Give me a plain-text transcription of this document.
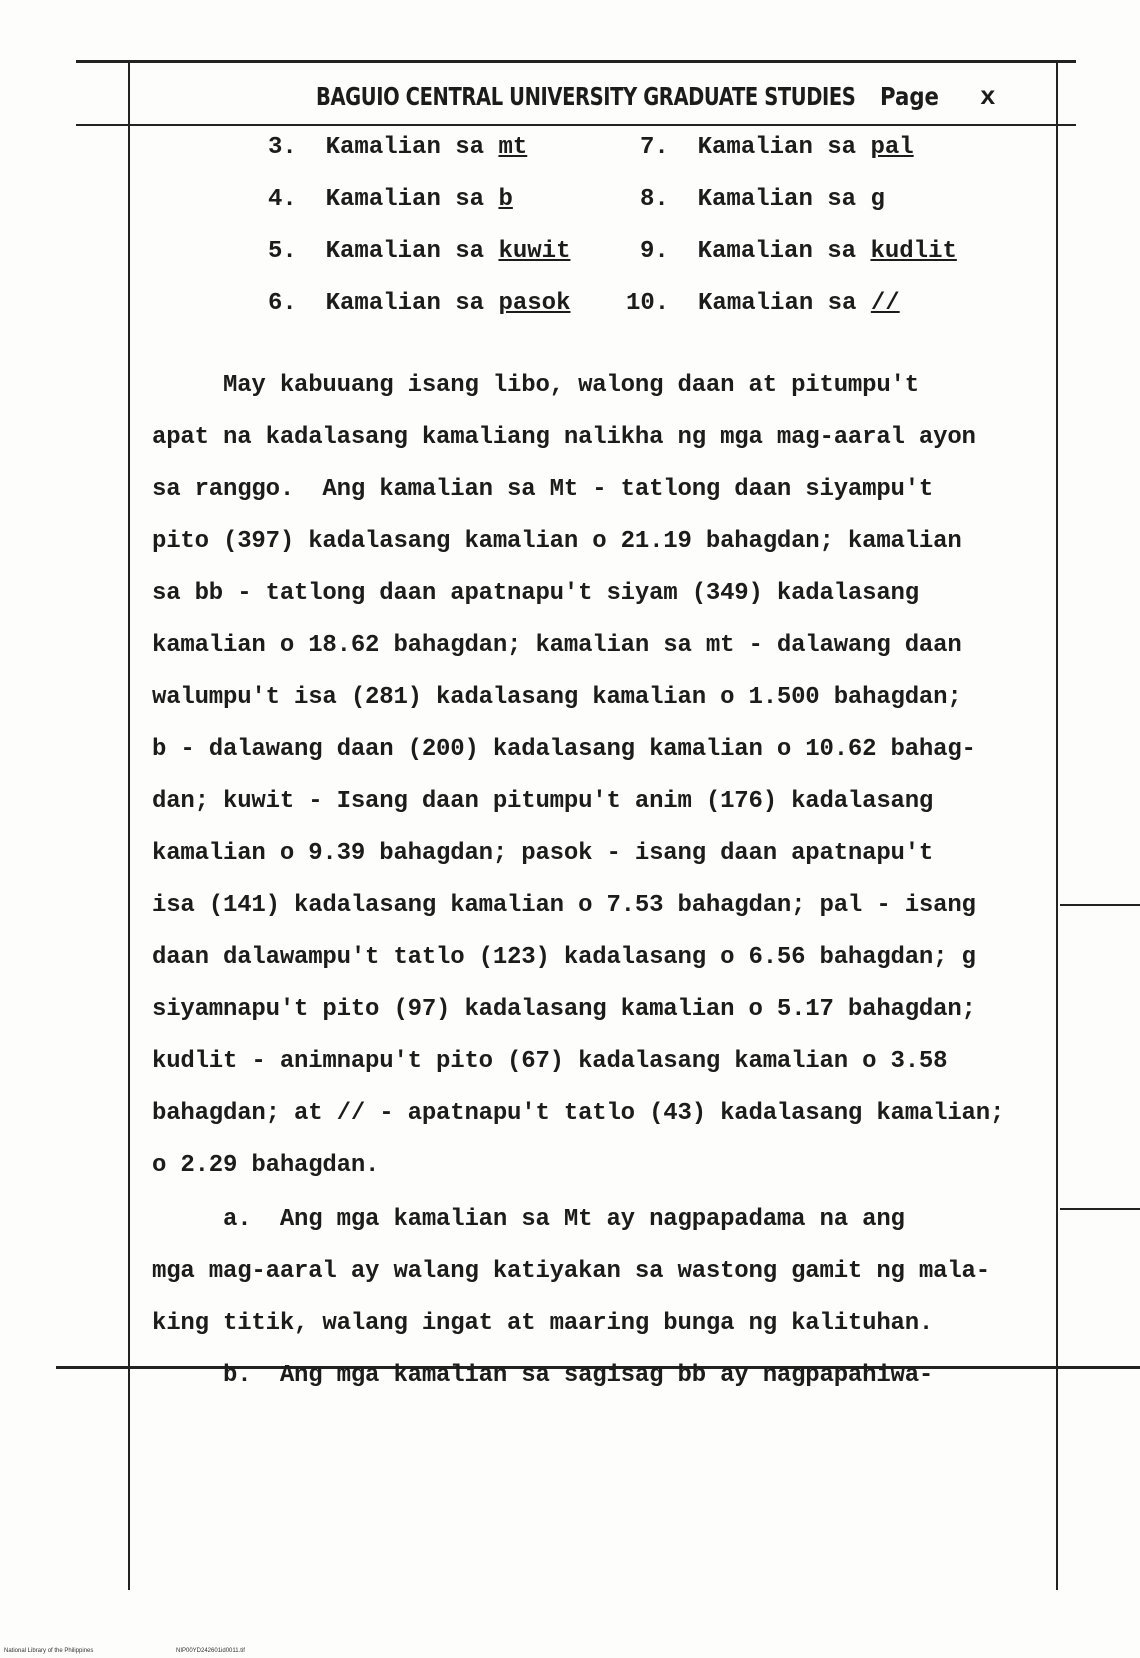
BAGUIO CENTRAL UNIVERSITY GRADUATE STUDIES Page x
3. Kamalian sa mt
4. Kamalian sa b
5. Kamalian sa kuwit
6. Kamalian sa pasok
7. Kamalian sa pal
8. Kamalian sa g
9. Kamalian sa kudlit
10. Kamalian sa //
May kabuuang isang libo, walong daan at pitumpu't
apat na kadalasang kamaliang nalikha ng mga mag-aaral ayon
sa ranggo.  Ang kamalian sa Mt - tatlong daan siyampu't
pito (397) kadalasang kamalian o 21.19 bahagdan; kamalian
sa bb - tatlong daan apatnapu't siyam (349) kadalasang
kamalian o 18.62 bahagdan; kamalian sa mt - dalawang daan
walumpu't isa (281) kadalasang kamalian o 1.500 bahagdan;
b - dalawang daan (200) kadalasang kamalian o 10.62 bahag-
dan; kuwit - Isang daan pitumpu't anim (176) kadalasang
kamalian o 9.39 bahagdan; pasok - isang daan apatnapu't
isa (141) kadalasang kamalian o 7.53 bahagdan; pal - isang
daan dalawampu't tatlo (123) kadalasang o 6.56 bahagdan; g
siyamnapu't pito (97) kadalasang kamalian o 5.17 bahagdan;
kudlit - animnapu't pito (67) kadalasang kamalian o 3.58
bahagdan; at // - apatnapu't tatlo (43) kadalasang kamalian;
o 2.29 bahagdan.
a.  Ang mga kamalian sa Mt ay nagpapadama na ang
mga mag-aaral ay walang katiyakan sa wastong gamit ng mala-
king titik, walang ingat at maaring bunga ng kalituhan.
b.  Ang mga kamalian sa sagisag bb ay nagpapahiwa-
National Library of the Philippines	NIP00YD242601id0011.tif
